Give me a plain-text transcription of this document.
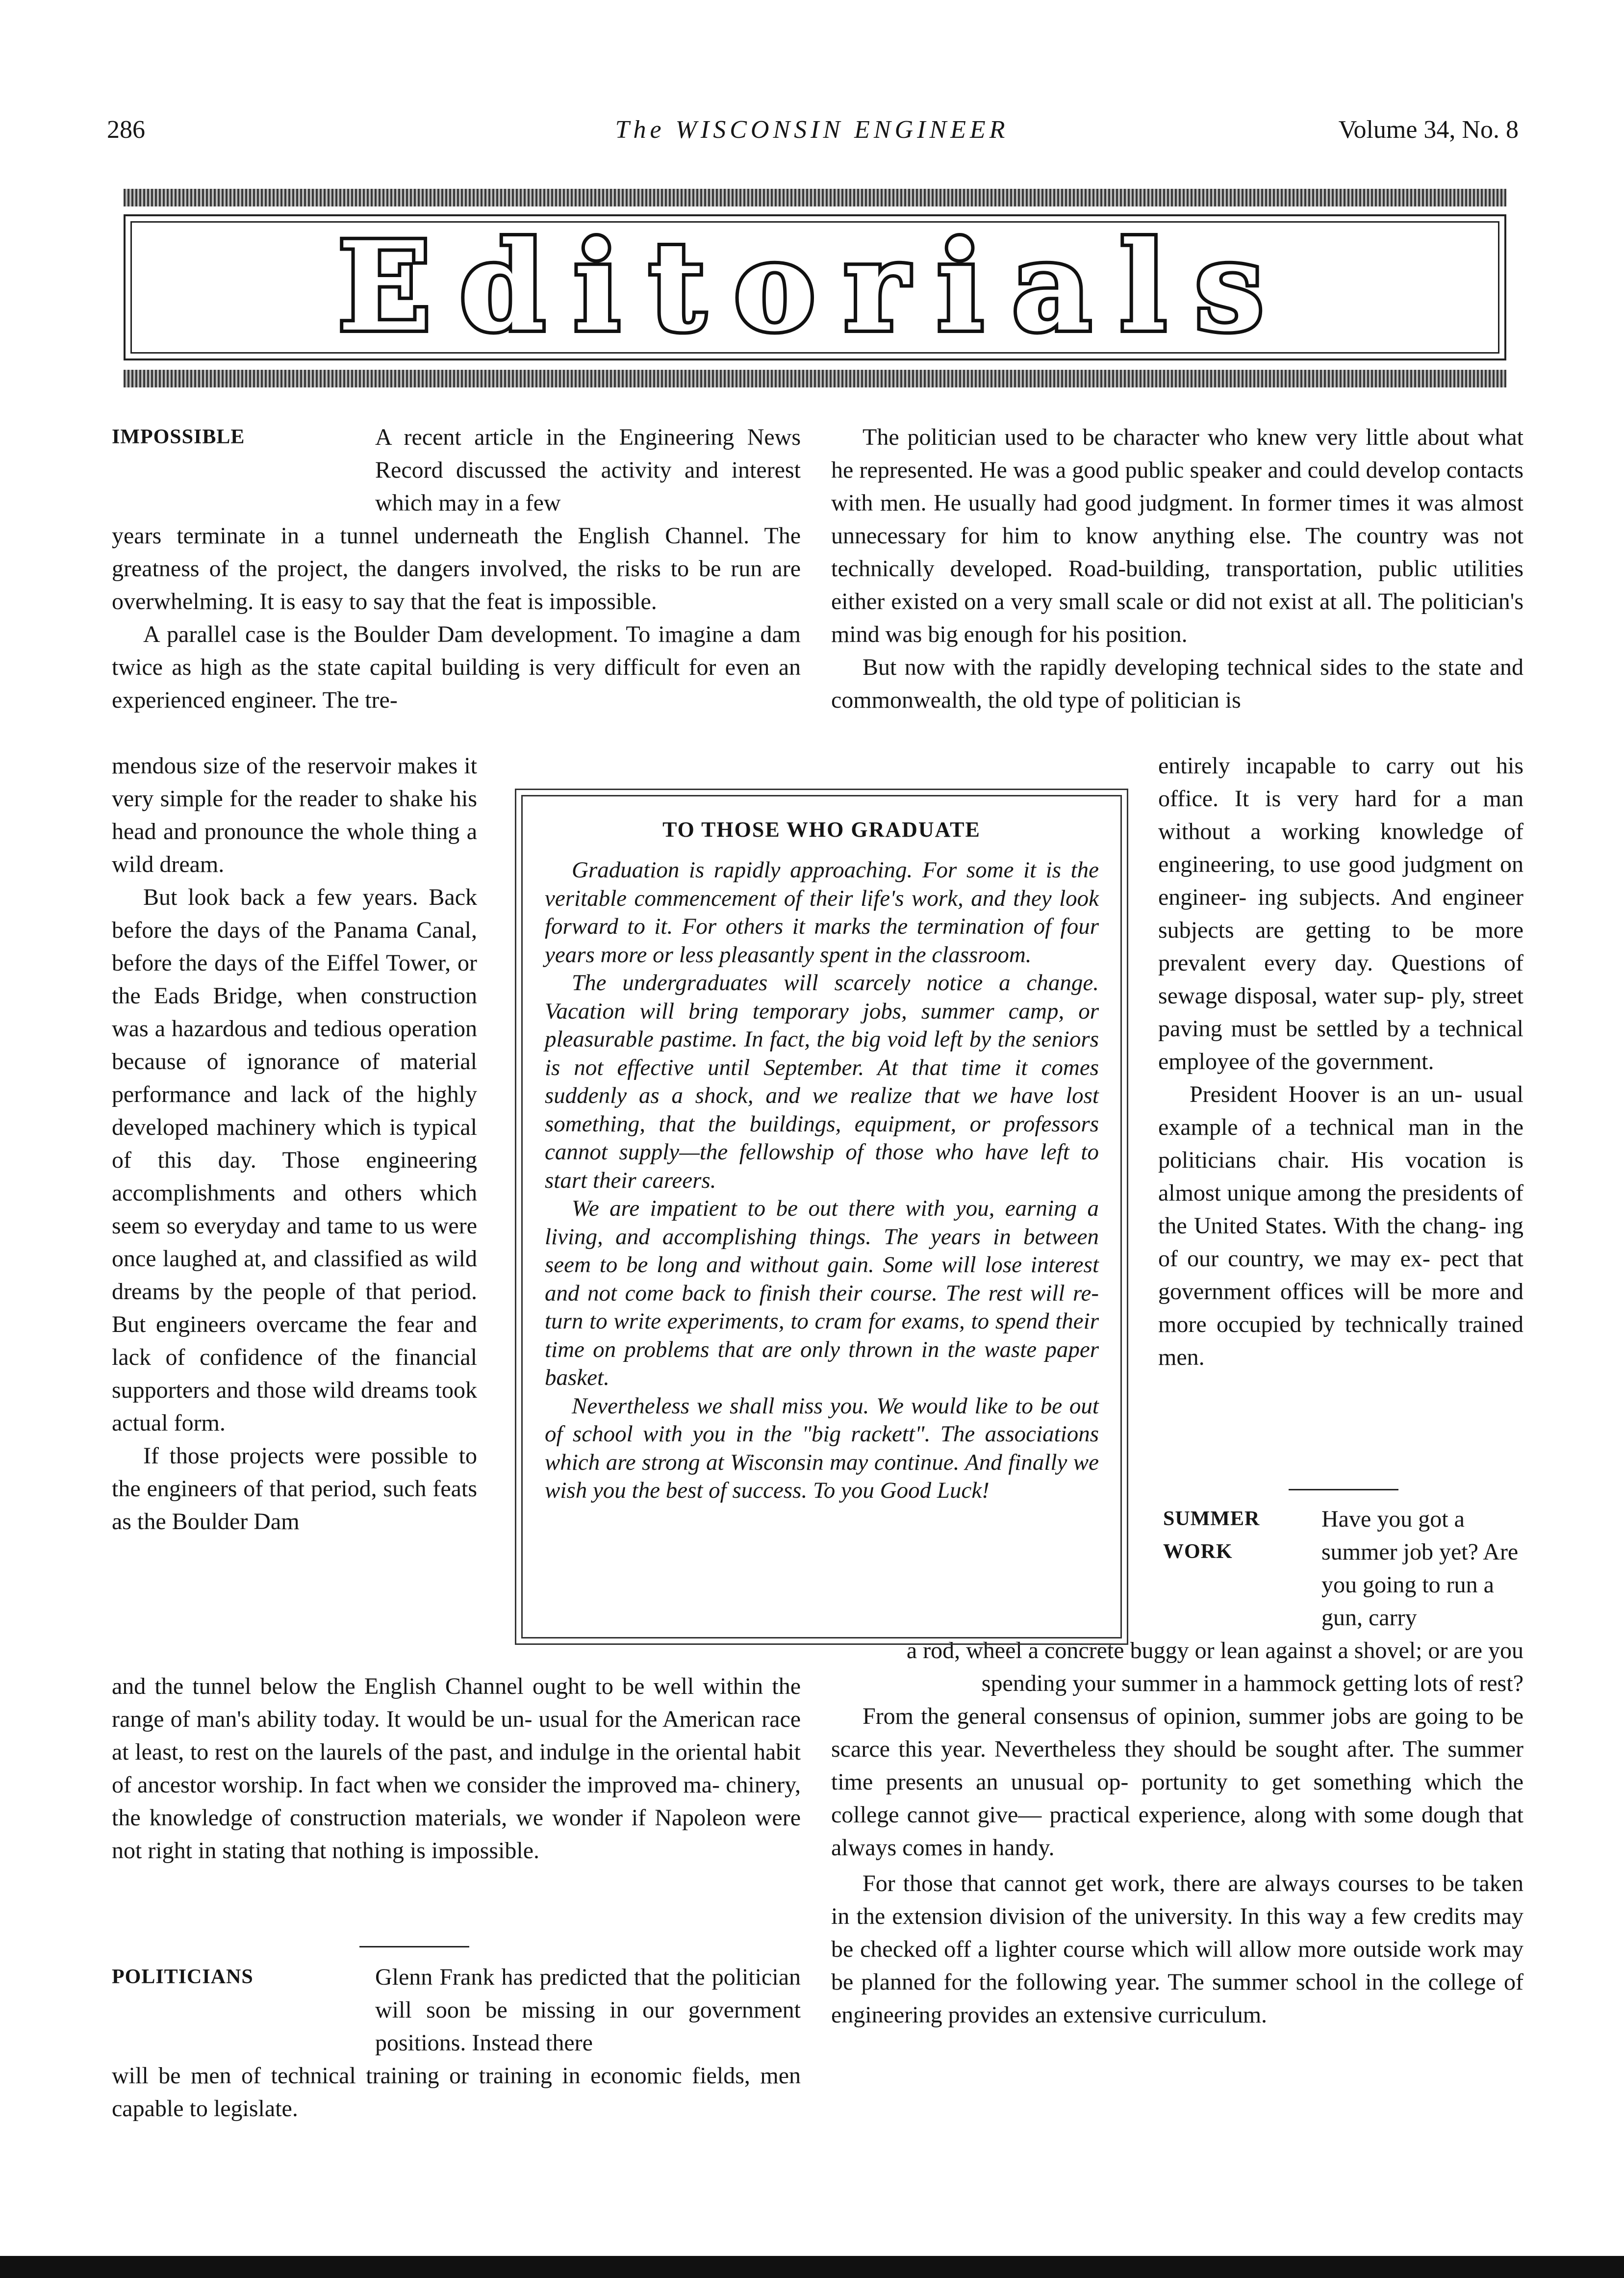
286	The WISCONSIN ENGINEER	Volume 34, No. 8
Editorials
IMPOSSIBLE	A recent article in the Engineering News Record discussed the activity and interest which may in a few

years terminate in a tunnel underneath the English Channel. The greatness of the project, the dangers involved, the risks to be run are overwhelming. It is easy to say that the feat is impossible.

A parallel case is the Boulder Dam development. To imagine a dam twice as high as the state capital building is very difficult for even an experienced engineer. The tre-

mendous size of the reservoir makes it very simple for the reader to shake his head and pronounce the whole thing a wild dream.

But look back a few years. Back before the days of the Panama Canal, before the days of the Eiffel Tower, or the Eads Bridge, when construction was a hazardous and tedious operation because of ignorance of material performance and lack of the highly developed machinery which is typical of this day. Those engineering accomplishments and others which seem so everyday and tame to us were once laughed at, and classified as wild dreams by the people of that period. But engineers overcame the fear and lack of confidence of the financial supporters and those wild dreams took actual form.

If those projects were possible to the engineers of that period, such feats as the Boulder Dam

and the tunnel below the English Channel ought to be well within the range of man's ability today. It would be un- usual for the American race at least, to rest on the laurels of the past, and indulge in the oriental habit of ancestor worship. In fact when we consider the improved ma- chinery, the knowledge of construction materials, we wonder if Napoleon were not right in stating that nothing is impossible.

POLITICIANS	Glenn Frank has predicted that the politician will soon be missing in our government positions. Instead there

will be men of technical training or training in economic fields, men capable to legislate.

The politician used to be character who knew very little about what he represented. He was a good public speaker and could develop contacts with men. He usually had good judgment. In former times it was almost unnecessary for him to know anything else. The country was not technically developed. Road-building, transportation, public utilities either existed on a very small scale or did not exist at all. The politician's mind was big enough for his position.

But now with the rapidly developing technical sides to the state and commonwealth, the old type of politician is

entirely incapable to carry out his office. It is very hard for a man without a working knowledge of engineering, to use good judgment on engineer- ing subjects. And engineer subjects are getting to be more prevalent every day. Questions of sewage disposal, water sup- ply, street paving must be settled by a technical employee of the government.

President Hoover is an un- usual example of a technical man in the politicians chair. His vocation is almost unique among the presidents of the United States. With the chang- ing of our country, we may ex- pect that government offices will be more and more occupied by technically trained men.

SUMMER
WORK

Have you got a summer job yet? Are you going to run a gun, carry

a rod, wheel a concrete buggy or lean against a shovel; or are you spending your summer in a hammock getting lots of rest?

From the general consensus of opinion, summer jobs are going to be scarce this year. Nevertheless they should be sought after. The summer time presents an unusual op- portunity to get something which the college cannot give— practical experience, along with some dough that always comes in handy.

For those that cannot get work, there are always courses to be taken in the extension division of the university. In this way a few credits may be checked off a lighter course which will allow more outside work may be planned for the following year. The summer school in the college of engineering provides an extensive curriculum.

TO THOSE WHO GRADUATE

Graduation is rapidly approaching. For some it is the veritable commencement of their life's work, and they look forward to it. For others it marks the termination of four years more or less pleasantly spent in the classroom.

The undergraduates will scarcely notice a change. Vacation will bring temporary jobs, summer camp, or pleasurable pastime. In fact, the big void left by the seniors is not effective until September. At that time it comes suddenly as a shock, and we realize that we have lost something, that the buildings, equipment, or professors cannot supply—the fellowship of those who have left to start their careers.

We are impatient to be out there with you, earning a living, and accomplishing things. The years in between seem to be long and without gain. Some will lose interest and not come back to finish their course. The rest will re- turn to write experiments, to cram for exams, to spend their time on problems that are only thrown in the waste paper basket.

Nevertheless we shall miss you. We would like to be out of school with you in the "big rackett". The associations which are strong at Wisconsin may continue. And finally we wish you the best of success. To you Good Luck!
